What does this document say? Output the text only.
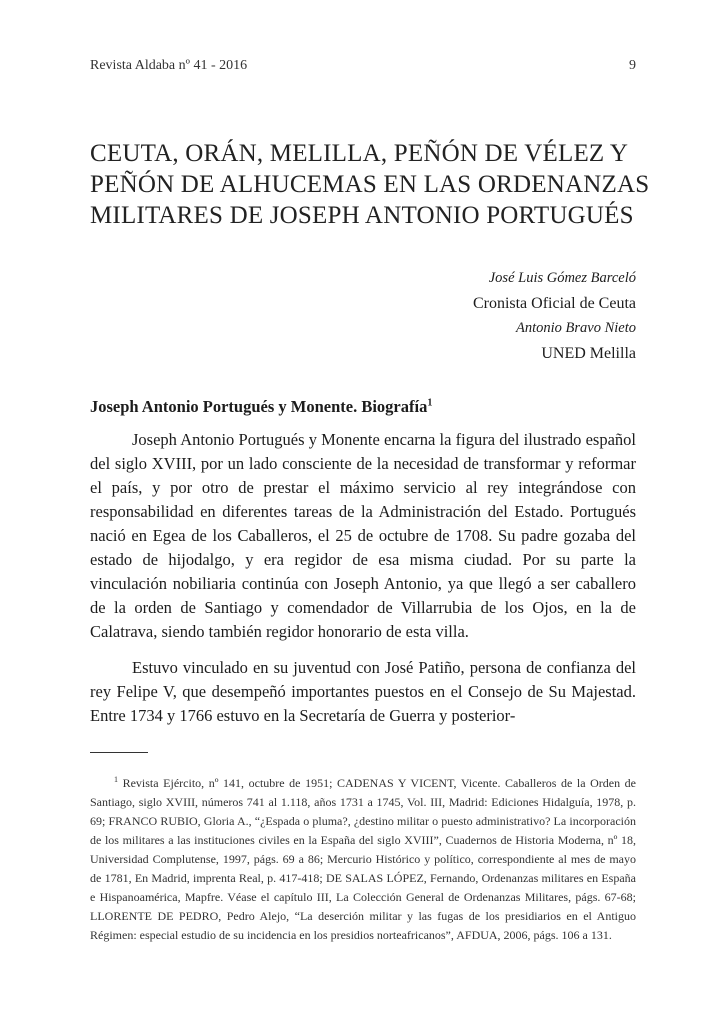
Revista Aldaba nº 41 - 2016	9
CEUTA, ORÁN, MELILLA, PEÑÓN DE VÉLEZ Y PEÑÓN DE ALHUCEMAS EN LAS ORDENANZAS MILITARES DE JOSEPH ANTONIO PORTUGUÉS
José Luis Gómez Barceló
Cronista Oficial de Ceuta
Antonio Bravo Nieto
UNED Melilla
Joseph Antonio Portugués y Monente. Biografía$^1$

Joseph Antonio Portugués y Monente encarna la figura del ilustrado español del siglo XVIII, por un lado consciente de la necesidad de transformar y reformar el país, y por otro de prestar el máximo servicio al rey integrándose con responsabilidad en diferentes tareas de la Administración del Estado. Portugués nació en Egea de los Caballeros, el 25 de octubre de 1708. Su padre gozaba del estado de hijodalgo, y era regidor de esa misma ciudad. Por su parte la vinculación nobiliaria continúa con Joseph Antonio, ya que llegó a ser caballero de la orden de Santiago y comendador de Villarrubia de los Ojos, en la de Calatrava, siendo también regidor honorario de esta villa.

Estuvo vinculado en su juventud con José Patiño, persona de confianza del rey Felipe V, que desempeñó importantes puestos en el Consejo de Su Majestad. Entre 1734 y 1766 estuvo en la Secretaría de Guerra y posterior-

$^1$ Revista Ejército, nº 141, octubre de 1951; CADENAS Y VICENT, Vicente. Caballeros de la Orden de Santiago, siglo XVIII, números 741 al 1.118, años 1731 a 1745, Vol. III, Madrid: Ediciones Hidalguía, 1978, p. 69; FRANCO RUBIO, Gloria A., “¿Espada o pluma?, ¿destino militar o puesto administrativo? La incorporación de los militares a las instituciones civiles en la España del siglo XVIII”, Cuadernos de Historia Moderna, nº 18, Universidad Complutense, 1997, págs. 69 a 86; Mercurio Histórico y político, correspondiente al mes de mayo de 1781, En Madrid, imprenta Real, p. 417-418; DE SALAS LÓPEZ, Fernando, Ordenanzas militares en España e Hispanoamérica, Mapfre. Véase el capítulo III, La Colección General de Ordenanzas Militares, págs. 67-68; LLORENTE DE PEDRO, Pedro Alejo, “La deserción militar y las fugas de los presidiarios en el Antiguo Régimen: especial estudio de su incidencia en los presidios norteafricanos”, AFDUA, 2006, págs. 106 a 131.
